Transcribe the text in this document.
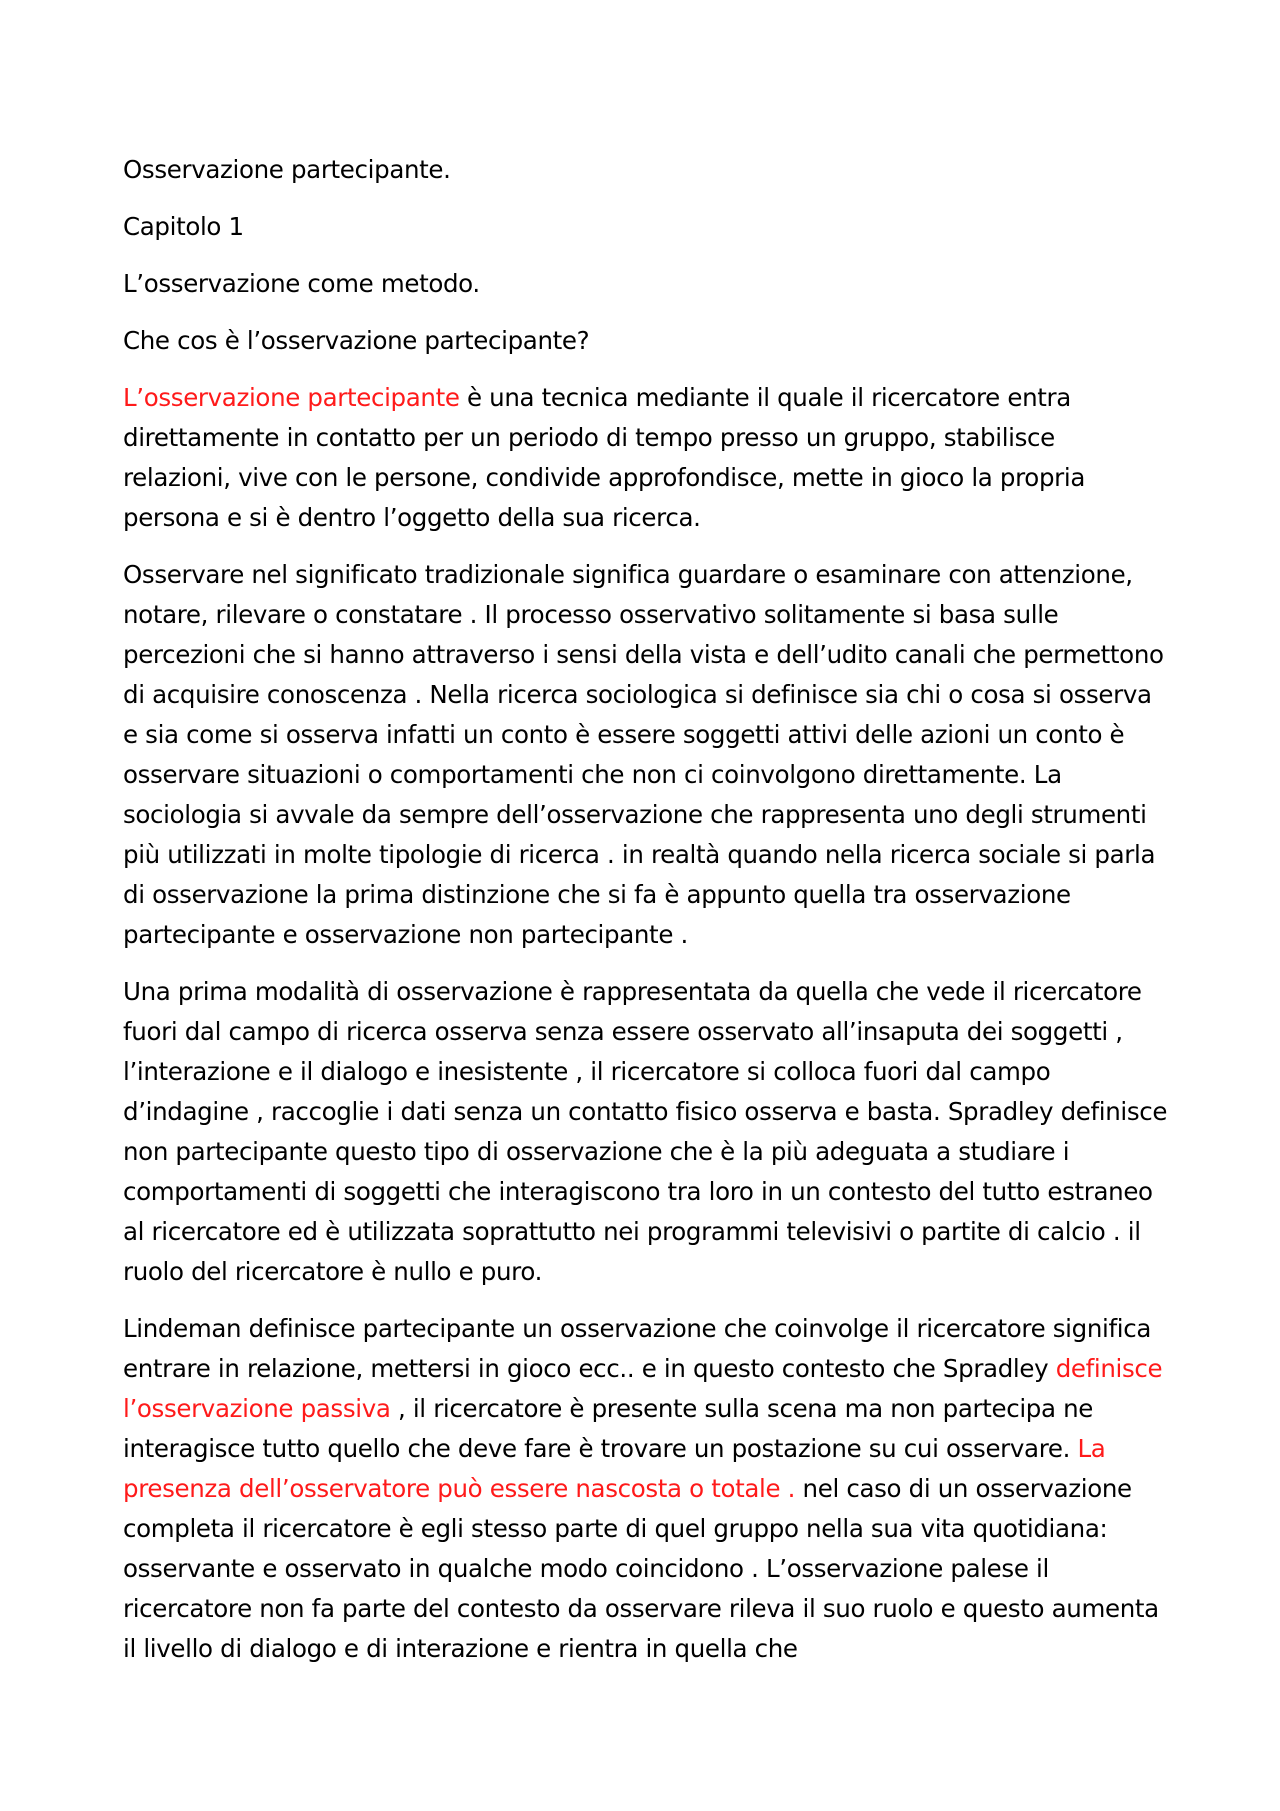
Osservazione partecipante.

Capitolo 1

L’osservazione come metodo.

Che cos è l’osservazione partecipante?

L’osservazione partecipante è una tecnica mediante il quale il ricercatore entra direttamente in contatto per un periodo di tempo presso un gruppo, stabilisce relazioni, vive con le persone, condivide approfondisce, mette in gioco la propria persona e si è dentro l’oggetto della sua ricerca.

Osservare nel significato tradizionale significa guardare o esaminare con attenzione, notare, rilevare o constatare . Il processo osservativo solitamente si basa sulle percezioni che si hanno attraverso i sensi della vista e dell’udito canali che permettono di acquisire conoscenza . Nella ricerca sociologica si definisce sia chi o cosa si osserva e sia come si osserva infatti un conto è essere soggetti attivi delle azioni un conto è osservare situazioni o comportamenti che non ci coinvolgono direttamente. La sociologia si avvale da sempre dell’osservazione che rappresenta uno degli strumenti più utilizzati in molte tipologie di ricerca . in realtà quando nella ricerca sociale si parla di osservazione la prima distinzione che si fa è appunto quella tra osservazione partecipante e osservazione non partecipante .

Una prima modalità di osservazione è rappresentata da quella che vede il ricercatore fuori dal campo di ricerca osserva senza essere osservato all’insaputa dei soggetti , l’interazione e il dialogo e inesistente , il ricercatore si colloca fuori dal campo d’indagine , raccoglie i dati senza un contatto fisico osserva e basta. Spradley definisce non partecipante questo tipo di osservazione che è la più adeguata a studiare i comportamenti di soggetti che interagiscono tra loro in un contesto del tutto estraneo al ricercatore ed è utilizzata soprattutto nei programmi televisivi o partite di calcio . il ruolo del ricercatore è nullo e puro.

Lindeman definisce partecipante un osservazione che coinvolge il ricercatore significa entrare in relazione, mettersi in gioco ecc.. e in questo contesto che Spradley definisce l’osservazione passiva , il ricercatore è presente sulla scena ma non partecipa ne interagisce tutto quello che deve fare è trovare un postazione su cui osservare. La presenza dell’osservatore può essere nascosta o totale . nel caso di un osservazione completa il ricercatore è egli stesso parte di quel gruppo nella sua vita quotidiana: osservante e osservato in qualche modo coincidono . L’osservazione palese il ricercatore non fa parte del contesto da osservare rileva il suo ruolo e questo aumenta il livello di dialogo e di interazione e rientra in quella che
